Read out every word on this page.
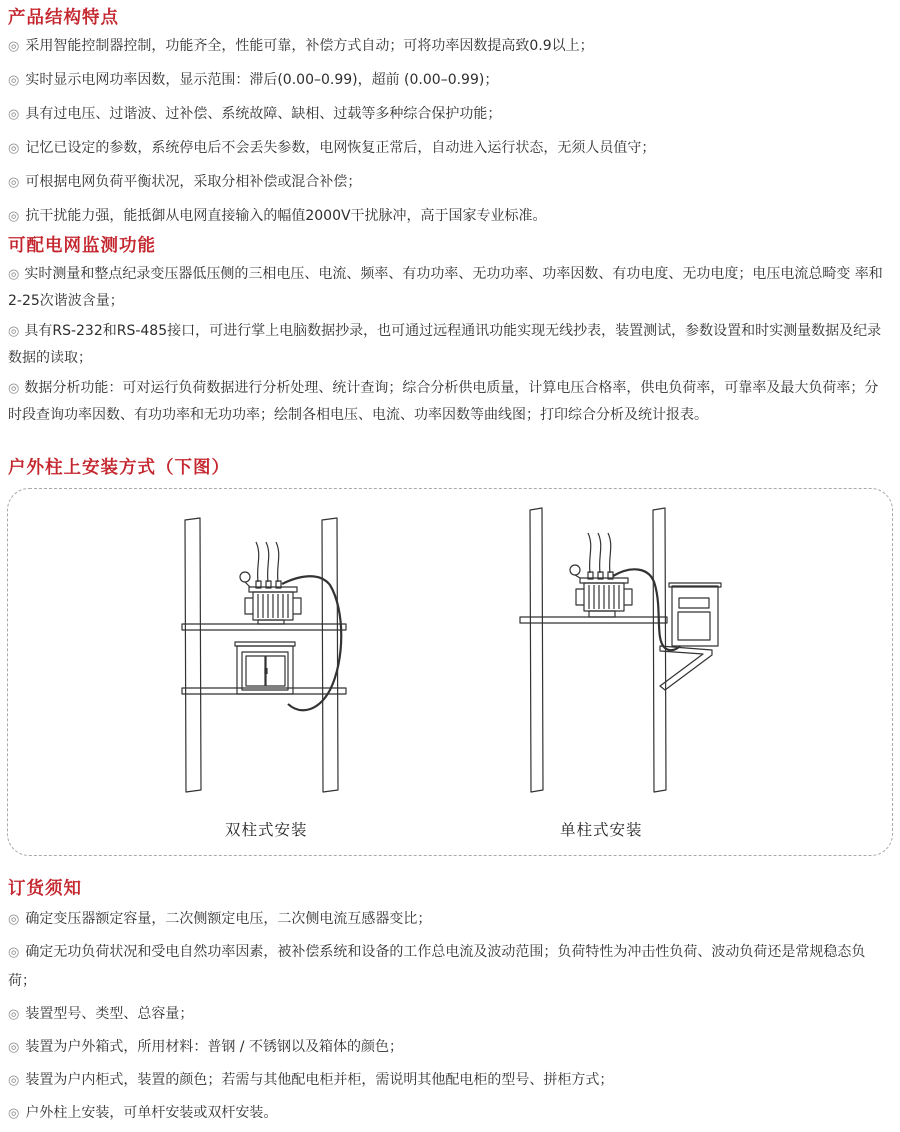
产品结构特点
◎ 采用智能控制器控制，功能齐全，性能可靠，补偿方式自动；可将功率因数提高致0.9以上；
◎ 实时显示电网功率因数，显示范围：滞后(0.00–0.99)，超前 (0.00–0.99)；
◎ 具有过电压、过谐波、过补偿、系统故障、缺相、过载等多种综合保护功能；
◎ 记忆已设定的参数，系统停电后不会丢失参数，电网恢复正常后，自动进入运行状态，无须人员值守；
◎ 可根据电网负荷平衡状况，采取分相补偿或混合补偿；
◎ 抗干扰能力强，能抵御从电网直接输入的幅值2000V干扰脉冲，高于国家专业标准。
可配电网监测功能
◎ 实时测量和整点纪录变压器低压侧的三相电压、电流、频率、有功功率、无功功率、功率因数、有功电度、无功电度；电压电流总畸变 率和2-25次谐波含量；
◎ 具有RS-232和RS-485接口，可进行掌上电脑数据抄录，也可通过远程通讯功能实现无线抄表，装置测试，参数设置和时实测量数据及纪录数据的读取；
◎ 数据分析功能：可对运行负荷数据进行分析处理、统计查询；综合分析供电质量，计算电压合格率，供电负荷率，可靠率及最大负荷率；分时段查询功率因数、有功功率和无功功率；绘制各相电压、电流、功率因数等曲线图；打印综合分析及统计报表。
户外柱上安装方式（下图）
双柱式安装	单柱式安装
订货须知
◎ 确定变压器额定容量，二次侧额定电压，二次侧电流互感器变比；
◎ 确定无功负荷状况和受电自然功率因素，被补偿系统和设备的工作总电流及波动范围；负荷特性为冲击性负荷、波动负荷还是常规稳态负荷；
◎ 装置型号、类型、总容量；
◎ 装置为户外箱式，所用材料：普钢 / 不锈钢以及箱体的颜色；
◎ 装置为户内柜式，装置的颜色；若需与其他配电柜并柜，需说明其他配电柜的型号、拼柜方式；
◎ 户外柱上安装，可单杆安装或双杆安装。
